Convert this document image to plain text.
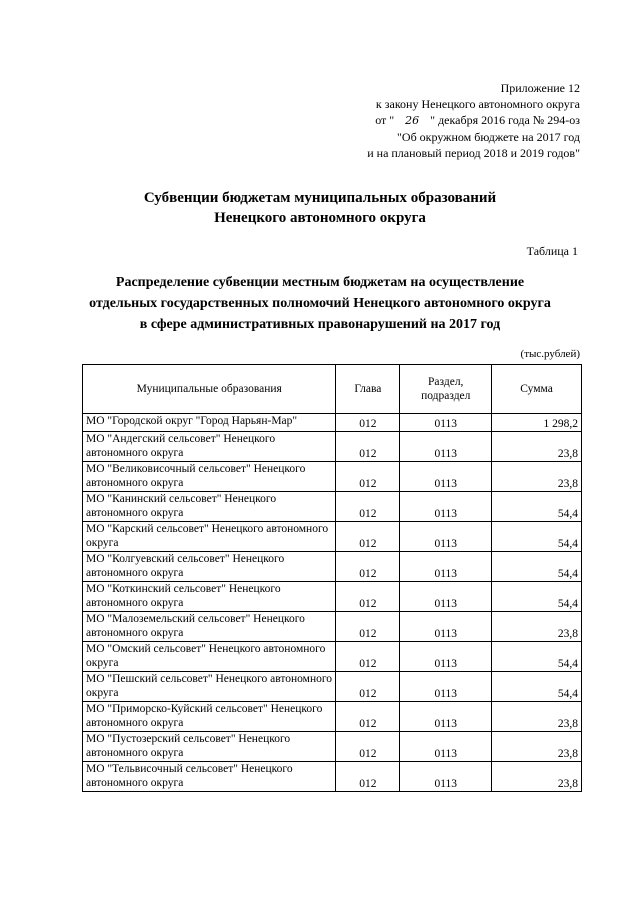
Приложение 12
к закону Ненецкого автономного округа
от " 26 " декабря 2016 года № 294-оз
"Об окружном бюджете на 2017 год
и на плановый период 2018 и 2019 годов"
Субвенции бюджетам муниципальных образований
Ненецкого автономного округа
Таблица 1
Распределение субвенции местным бюджетам на осуществление
отдельных государственных полномочий Ненецкого автономного округа
в сфере административных правонарушений на 2017 год
(тыс.рублей)
Муниципальные образования	Глава	Раздел,
подраздел	Сумма
МО "Городской округ "Город Нарьян-Мар"	012	0113	1 298,2
МО "Андегский сельсовет" Ненецкого
автономного округа	012	0113	23,8
МО "Великовисочный сельсовет" Ненецкого
автономного округа	012	0113	23,8
МО "Канинский сельсовет" Ненецкого
автономного округа	012	0113	54,4
МО "Карский сельсовет" Ненецкого автономного
округа	012	0113	54,4
МО "Колгуевский сельсовет" Ненецкого
автономного округа	012	0113	54,4
МО "Коткинский сельсовет" Ненецкого
автономного округа	012	0113	54,4
МО "Малоземельский сельсовет" Ненецкого
автономного округа	012	0113	23,8
МО "Омский сельсовет" Ненецкого автономного
округа	012	0113	54,4
МО "Пешский сельсовет" Ненецкого автономного
округа	012	0113	54,4
МО "Приморско-Куйский сельсовет" Ненецкого
автономного округа	012	0113	23,8
МО "Пустозерский сельсовет" Ненецкого
автономного округа	012	0113	23,8
МО "Тельвисочный сельсовет" Ненецкого
автономного округа	012	0113	23,8
